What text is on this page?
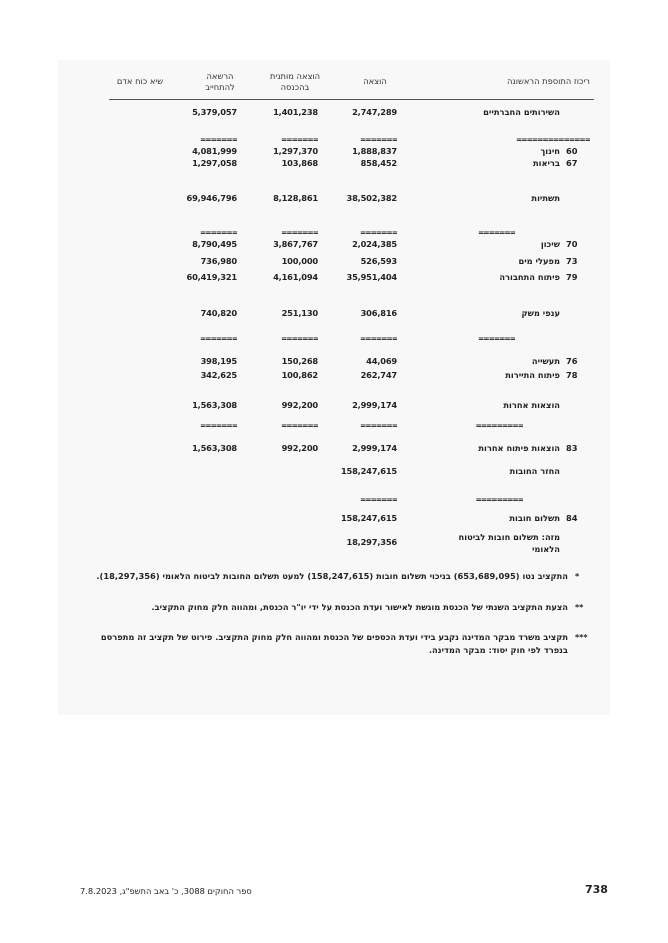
ריכוז התוספת הראשונה
הוצאה
הוצאה מותנית
בהכנסה
הרשאה
להתחייב
שיא כוח אדם
השירותים החברתיים
2,747,289
1,401,238
5,379,057
==============
=======
=======
=======
60
חינוך
1,888,837
1,297,370
4,081,999
67
בריאות
858,452
103,868
1,297,058
תשתיות
38,502,382
8,128,861
69,946,796
=======
=======
=======
=======
70
שיכון
2,024,385
3,867,767
8,790,495
73
מפעלי מים
526,593
100,000
736,980
79
פיתוח התחבורה
35,951,404
4,161,094
60,419,321
ענפי משק
306,816
251,130
740,820
=======
=======
=======
=======
76
תעשייה
44,069
150,268
398,195
78
פיתוח התיירות
262,747
100,862
342,625
הוצאות אחרות
2,999,174
992,200
1,563,308
=========
=======
=======
=======
83
הוצאות פיתוח אחרות
2,999,174
992,200
1,563,308
החזר החובות
158,247,615
=========
=======
84
תשלום חובות
158,247,615
מזה: תשלום חובות לביטוח
הלאומי
18,297,356
*
התקציב נטו (653,689,095) בניכוי תשלום חובות (158,247,615) למעט תשלום החובות לביטוח הלאומי (18,297,356).
**
הצעת התקציב השנתי של הכנסת מוגשת לאישור ועדת הכנסת על ידי יו"ר הכנסת, ומהווה חלק מחוק התקציב.
***
תקציב משרד מבקר המדינה נקבע בידי ועדת הכספים של הכנסת ומהווה חלק מחוק התקציב. פירוט של תקציב זה מתפרסם בנפרד לפי חוק יסוד: מבקר המדינה.
ספר החוקים 3088, כ' באב התשפ"ג, 7.8.2023	738
